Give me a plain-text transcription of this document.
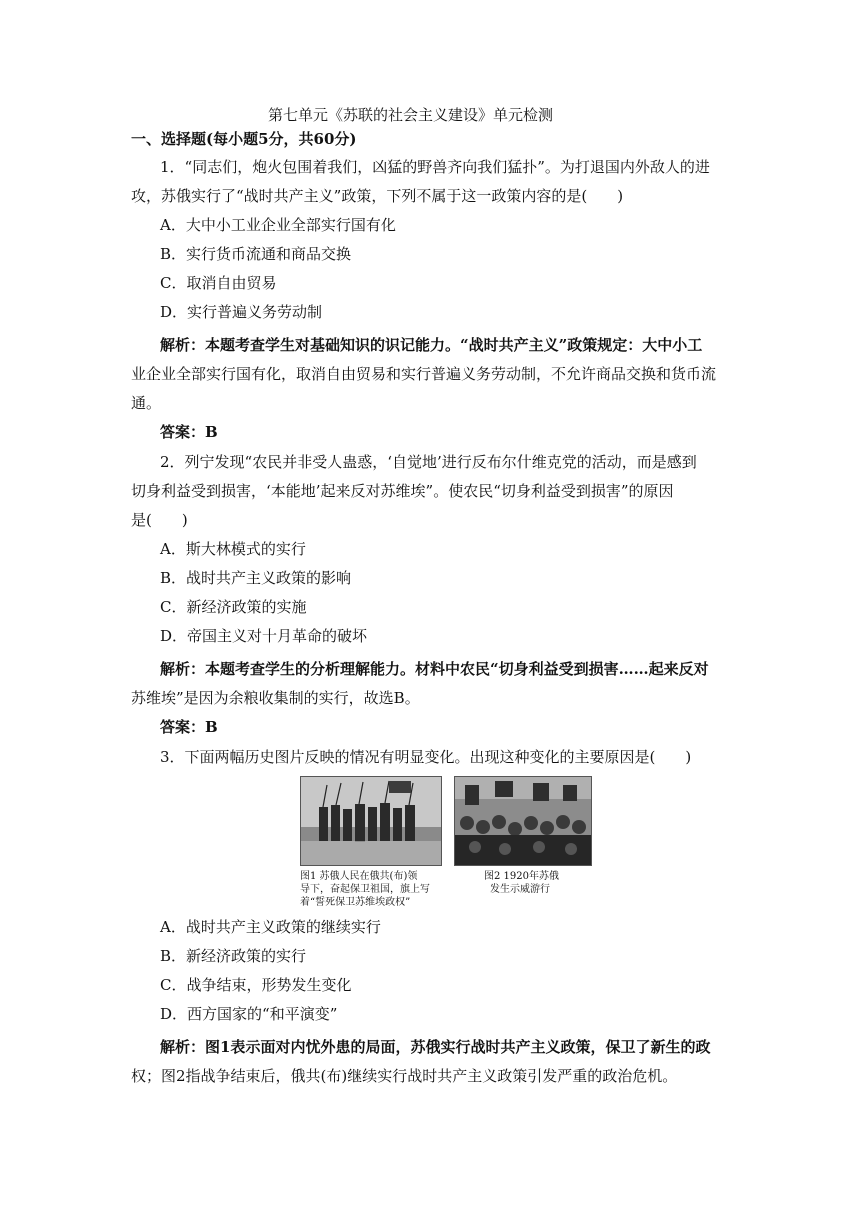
第七单元《苏联的社会主义建设》单元检测
一、选择题(每小题5分，共60分)
1．“同志们，炮火包围着我们，凶猛的野兽齐向我们猛扑”。为打退国内外敌人的进
攻，苏俄实行了“战时共产主义”政策，下列不属于这一政策内容的是(　　)
A．大中小工业企业全部实行国有化
B．实行货币流通和商品交换
C．取消自由贸易
D．实行普遍义务劳动制
解析：本题考查学生对基础知识的识记能力。“战时共产主义”政策规定：大中小工
业企业全部实行国有化，取消自由贸易和实行普遍义务劳动制，不允许商品交换和货币流
通。
答案：B
2．列宁发现“农民并非受人蛊惑，‘自觉地’进行反布尔什维克党的活动，而是感到
切身利益受到损害，‘本能地’起来反对苏维埃”。使农民“切身利益受到损害”的原因
是(　　)
A．斯大林模式的实行
B．战时共产主义政策的影响
C．新经济政策的实施
D．帝国主义对十月革命的破坏
解析：本题考查学生的分析理解能力。材料中农民“切身利益受到损害……起来反对
苏维埃”是因为余粮收集制的实行，故选B。
答案：B
3．下面两幅历史图片反映的情况有明显变化。出现这种变化的主要原因是(　　)
图1 苏俄人民在俄共(布)领
导下，奋起保卫祖国，旗上写
着“誓死保卫苏维埃政权”
图2 1920年苏俄
发生示威游行
A．战时共产主义政策的继续实行
B．新经济政策的实行
C．战争结束，形势发生变化
D．西方国家的“和平演变”
解析：图1表示面对内忧外患的局面，苏俄实行战时共产主义政策，保卫了新生的政
权；图2指战争结束后，俄共(布)继续实行战时共产主义政策引发严重的政治危机。
